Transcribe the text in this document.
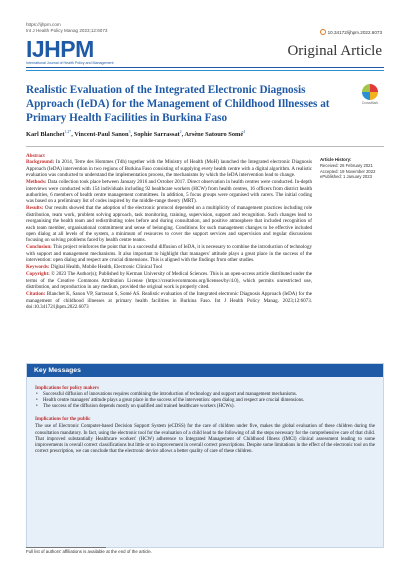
https://ijhpm.com
Int J Health Policy Manag 2023;12:6073	10.34172/ijhpm.2022.6073
IJHPM
International Journal of Health Policy and Management
Original Article
Realistic Evaluation of the Integrated Electronic Diagnosis Approach (IeDA) for the Management of Childhood Illnesses at Primary Health Facilities in Burkina Faso
CrossMark
Karl Blanchet$^{1,2*}$, Vincent-Paul Sanon$^3$, Sophie Sarrassat$^2$, Arsène Satouro Somé$^4$
Abstract

Background: In 2014, Terre des Hommes (Tdh) together with the Ministry of Health (MoH) launched the Integrated electronic Diagnosis Approach (IeDA) intervention in two regions of Burkina Faso consisting of supplying every health centre with a digital algorithm. A realistic evaluation was conducted to understand the implementation process, the mechanisms by which the IeDA intervention lead to change.

Methods: Data collection took place between January 2016 and October 2017. Direct observation in health centres were conducted. In-depth interviews were conducted with 154 individuals including 92 healthcare workers (HCW) from health centres, 16 officers from district health authorities, 6 members of health centre management committees. In addition, 5 focus groups were organised with carers. The initial coding was based on a preliminary list of codes inspired by the middle-range theory (MRT).

Results: Our results showed that the adoption of the electronic protocol depended on a multiplicity of management practices including role distribution, team work, problem solving approach, task monitoring, training, supervision, support and recognition. Such changes lead to reorganising the health team and redistributing roles before and during consultation, and positive atmosphere that included recognition of each team member, organisational commitment and sense of belonging. Conditions for such management changes to be effective included open dialog at all levels of the system, a minimum of resources to cover the support services and supervision and regular discussions focusing on solving problems faced by health centre teams.

Conclusion: This project reinforces the point that in a successful diffusion of IeDA, it is necessary to combine the introduction of technology with support and management mechanisms. It also important to highlight that managers' attitude plays a great place in the success of the intervention: open dialog and respect are crucial dimensions. This is aligned with the findings from other studies.

Keywords: Digital Health, Mobile Health, Electronic Clinical Tool

Copyright: © 2023 The Author(s); Published by Kerman University of Medical Sciences. This is an open-access article distributed under the terms of the Creative Commons Attribution License (https://creativecommons.org/licenses/by/4.0), which permits unrestricted use, distribution, and reproduction in any medium, provided the original work is properly cited.

Citation: Blanchet K, Sanon VP, Sarrassat S, Somé AS. Realistic evaluation of the Integrated electronic Diagnosis Approach (IeDA) for the management of childhood illnesses at primary health facilities in Burkina Faso. Int J Health Policy Manag. 2023;12:6073. doi:10.34172/ijhpm.2022.6073

Article History:
Received: 26 February 2021
Accepted: 19 November 2022
ePublished: 1 January 2023
Key Messages
Implications for policy makers
• Successful diffusion of innovations requires combining the introduction of technology and support and management mechanisms.
• Health centre managers' attitude plays a great place in the success of the intervention: open dialog and respect are crucial dimensions.
• The success of the diffusion depends mostly on qualified and trained healthcare workers (HCWs).
Implications for the public

The use of Electronic Computer-based Decision Support System (eCDSS) for the care of children under five, makes the global evaluation of these children during the consultation mandatory. In fact, using the electronic tool for the evaluation of a child lead to the following of all the steps necessary for the comprehensive care of that child. That improved substantially Healthcare workers' (HCW) adherence to Integrated Management of Childhood Illness (IMCI) clinical assessment leading to some improvements in overall correct classifications but little or no improvement in overall correct prescriptions. Despite some limitations in the effect of the electronic tool on the correct prescription, we can conclude that the electronic device allows a better quality of care of these children.

Full list of authors' affiliations is available at the end of the article.
